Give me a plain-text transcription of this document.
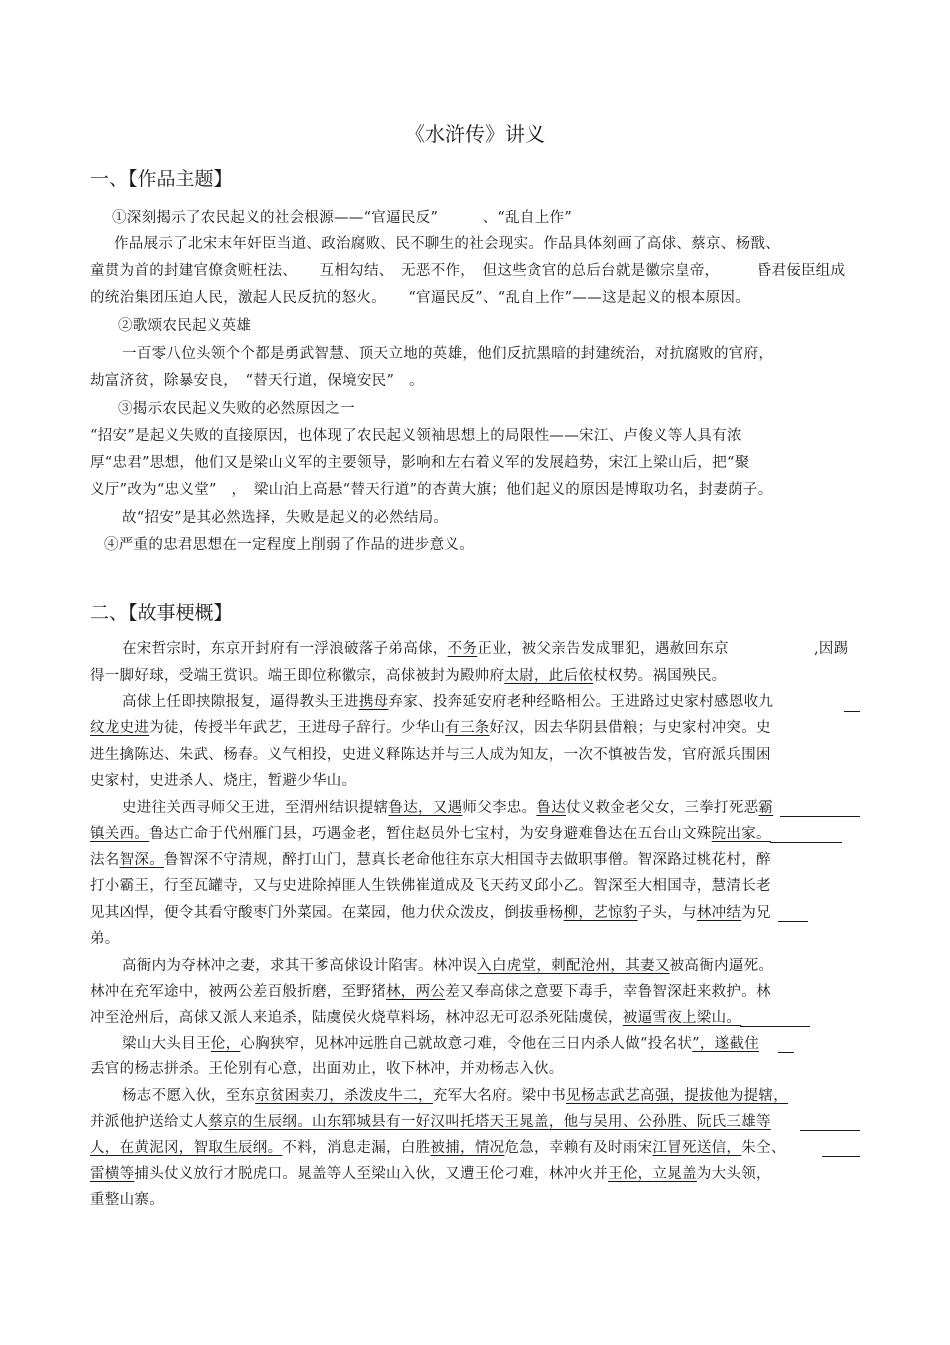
《水浒传》讲义
一、【作品主题】
①深刻揭示了农民起义的社会根源——“官逼民反”　　　、“乱自上作”
作品展示了北宋末年奸臣当道、政治腐败、民不聊生的社会现实。作品具体刻画了高俅、蔡京、杨戬、
童贯为首的封建官僚贪赃枉法、　　互相勾结、　无恶不作，　但这些贪官的总后台就是徽宗皇帝，　　　昏君佞臣组成
的统治集团压迫人民，激起人民反抗的怒火。　　“官逼民反”、“乱自上作”——这是起义的根本原因。
②歌颂农民起义英雄
一百零八位头领个个都是勇武智慧、顶天立地的英雄，他们反抗黑暗的封建统治，对抗腐败的官府，
劫富济贫，除暴安良，　“替天行道，保境安民”　。
③揭示农民起义失败的必然原因之一
“招安”是起义失败的直接原因，也体现了农民起义领袖思想上的局限性——宋江、卢俊义等人具有浓
厚“忠君”思想，他们又是梁山义军的主要领导，影响和左右着义军的发展趋势，宋江上梁山后，把“聚
义厅”改为“忠义堂”　，　梁山泊上高悬“替天行道”的杏黄大旗；他们起义的原因是博取功名，封妻荫子。
故“招安”是其必然选择，失败是起义的必然结局。
④严重的忠君思想在一定程度上削弱了作品的进步意义。
二、【故事梗概】
在宋哲宗时，东京开封府有一浮浪破落子弟高俅，不务正业，被父亲告发成罪犯，遇赦回东京	,因踢
得一脚好球，受端王赏识。端王即位称徽宗，高俅被封为殿帅府太尉，此后依杖权势。祸国殃民。
高俅上任即挟隙报复，逼得教头王进携母弃家、投奔延安府老种经略相公。王进路过史家村感恩收九
纹龙史进为徒，传授半年武艺，王进母子辞行。少华山有三条好汉，因去华阴县借粮；与史家村冲突。史
进生擒陈达、朱武、杨春。义气相投，史进义释陈达并与三人成为知友，一次不慎被告发，官府派兵围困
史家村，史进杀人、烧庄，暂避少华山。
史进往关西寻师父王进，至渭州结识提辖鲁达，又遇师父李忠。鲁达仗义救金老父女，三拳打死恶霸
镇关西。鲁达亡命于代州雁门县，巧遇金老，暂住赵员外七宝村，为安身避难鲁达在五台山文殊院出家。
法名智深。鲁智深不守清规，醉打山门，慧真长老命他往东京大相国寺去做职事僧。智深路过桃花村，醉
打小霸王，行至瓦罐寺，又与史进除掉匪人生铁佛崔道成及飞天药叉邱小乙。智深至大相国寺，慧清长老
见其凶悍，便令其看守酸枣门外菜园。在菜园，他力伏众泼皮，倒拔垂杨柳，艺惊豹子头，与林冲结为兄
弟。
高衙内为夺林冲之妻，求其干爹高俅设计陷害。林冲误入白虎堂，刺配沧州，其妻又被高衙内逼死。
林冲在充军途中，被两公差百般折磨，至野猪林，两公差又奉高俅之意要下毒手，幸鲁智深赶来救护。林
冲至沧州后，高俅又派人来追杀，陆虞侯火烧草料场，林冲忍无可忍杀死陆虞侯，被逼雪夜上梁山。
梁山大头目王伦，心胸狭窄，见林冲远胜自己就故意刁难，令他在三日内杀人做“投名状”，遂截住
丢官的杨志拼杀。王伦别有心意，出面劝止，收下林冲，并劝杨志入伙。
杨志不愿入伙，至东京贫困卖刀，杀泼皮牛二，充军大名府。梁中书见杨志武艺高强，提拔他为提辖，
并派他护送给丈人蔡京的生辰纲。山东郓城县有一好汉叫托塔天王晁盖，他与吴用、公孙胜、阮氏三雄等
人，在黄泥冈，智取生辰纲。不料，消息走漏，白胜被捕，情况危急，幸赖有及时雨宋江冒死送信，朱仝、
雷横等捕头仗义放行才脱虎口。晁盖等人至梁山入伙，又遭王伦刁难，林冲火并王伦，立晁盖为大头领，
重整山寨。
